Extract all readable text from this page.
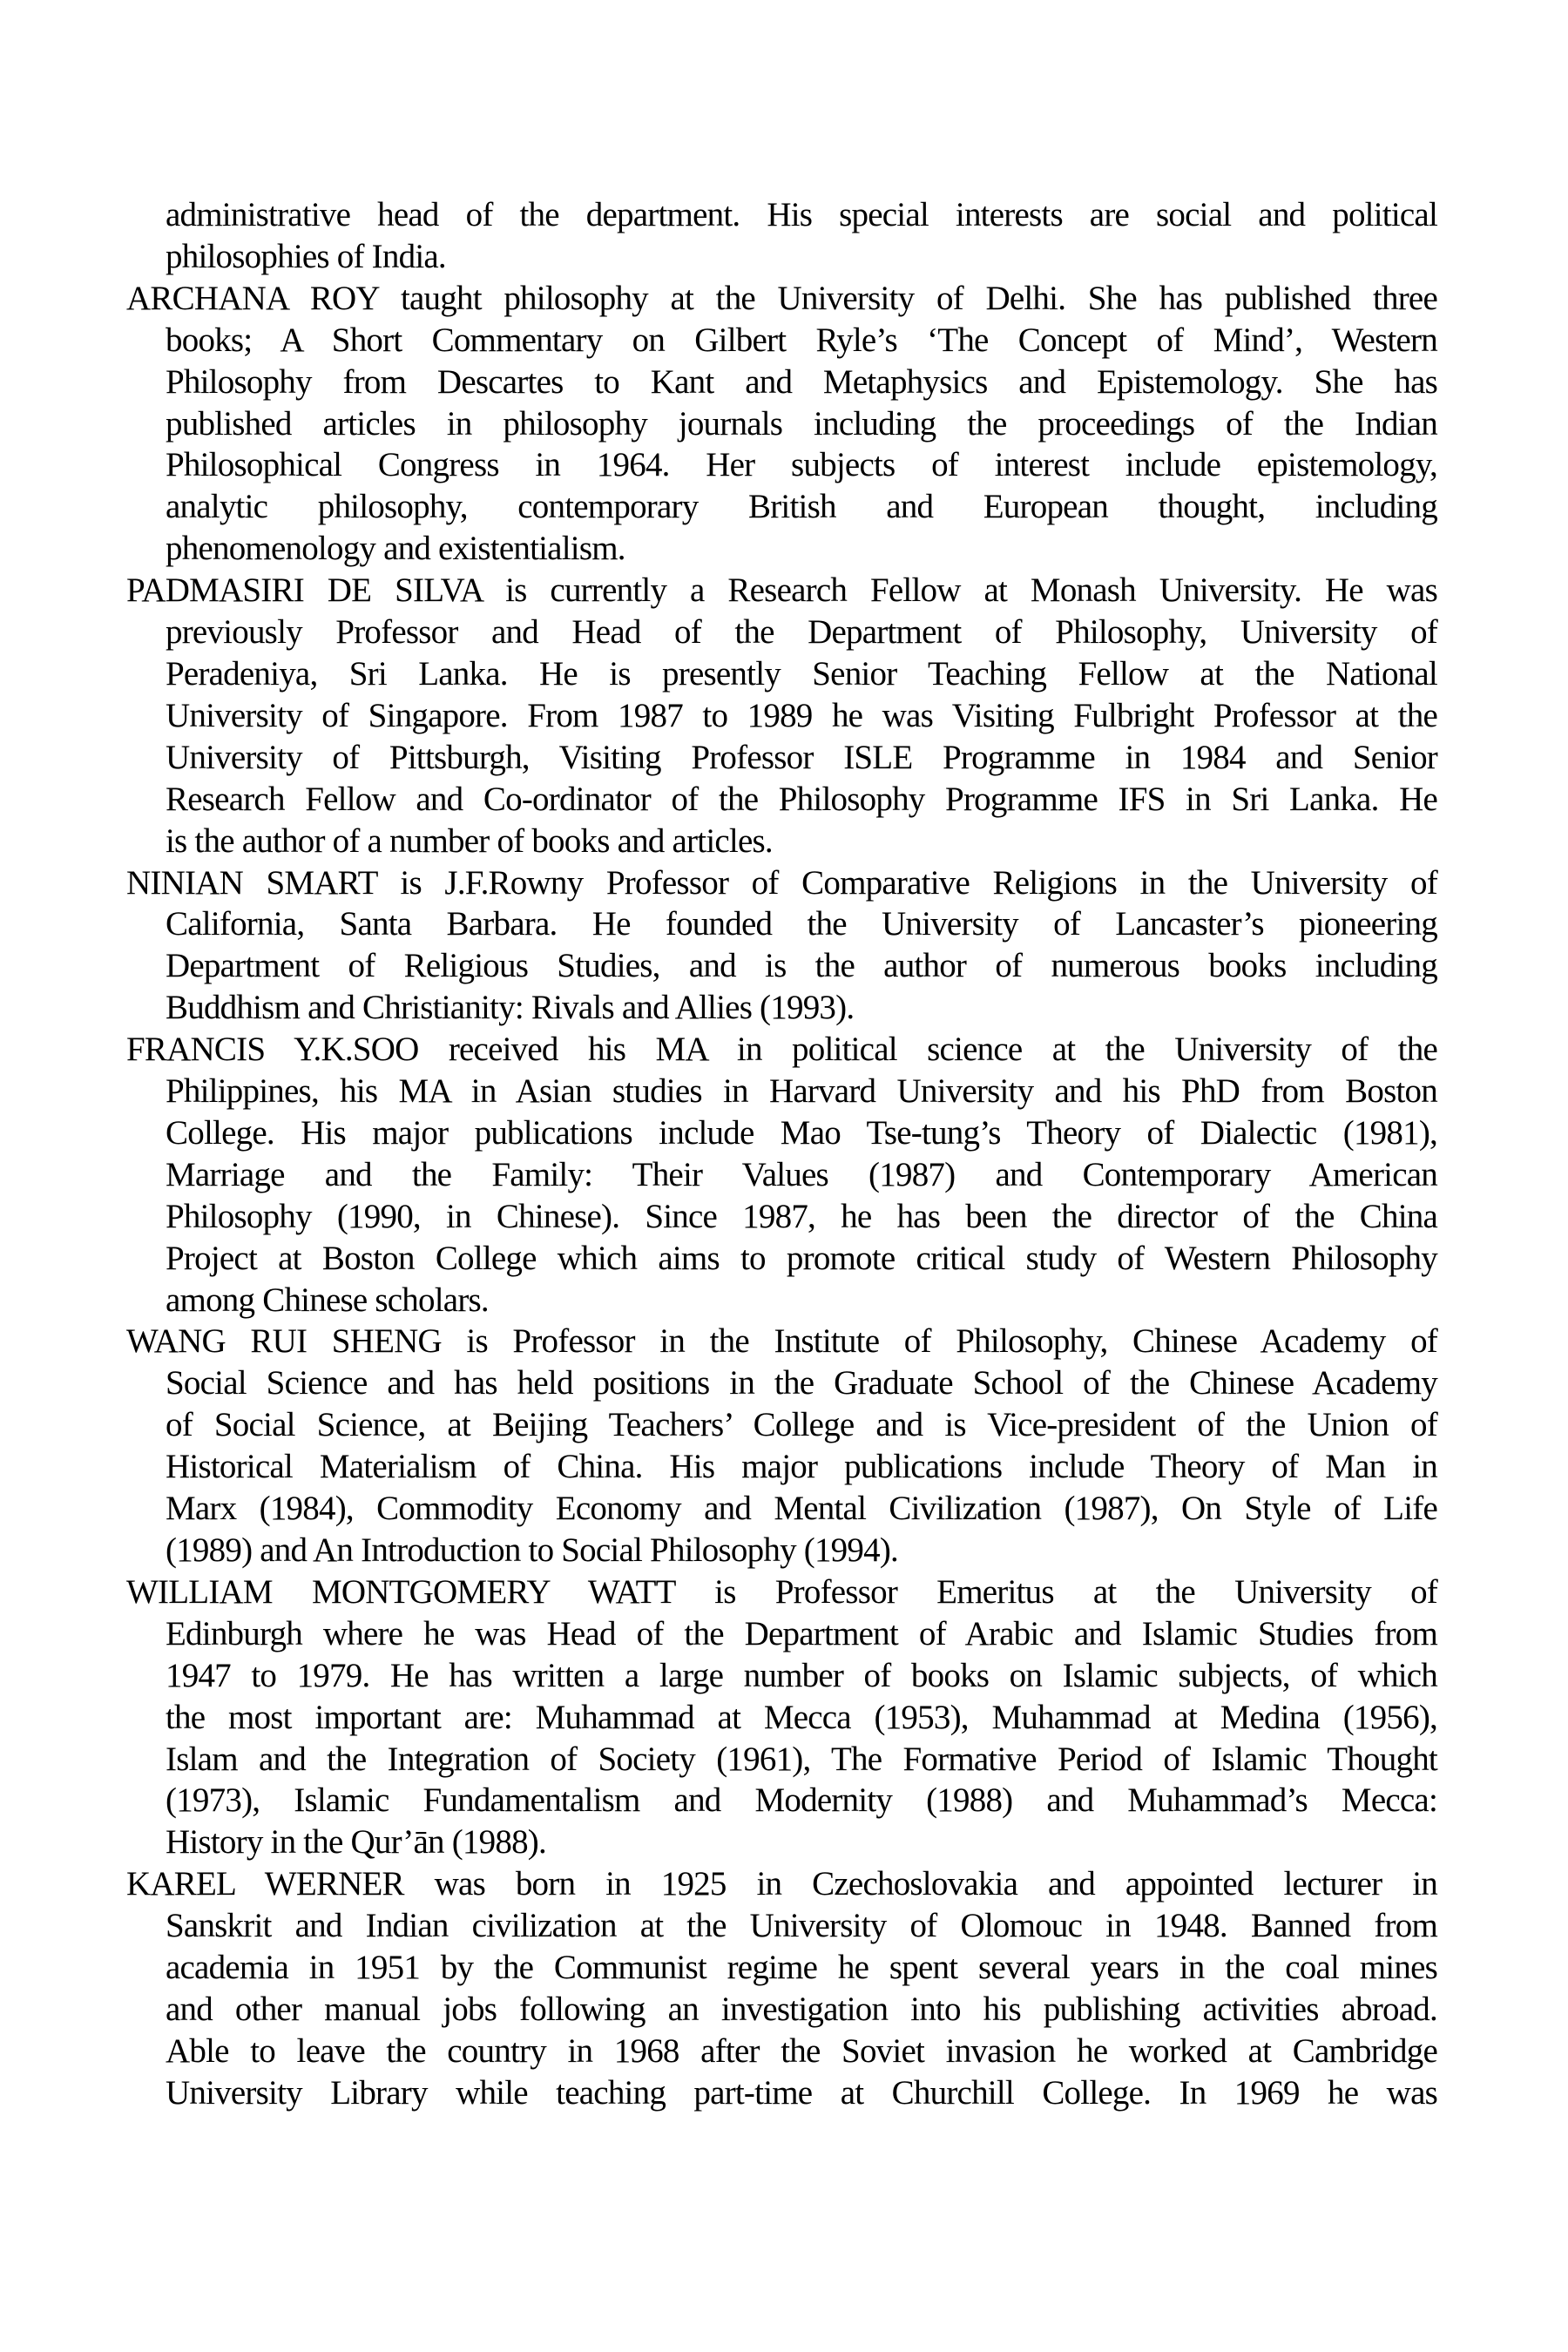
administrative head of the department. His special interests are social and political
philosophies of India.
ARCHANA ROY taught philosophy at the University of Delhi. She has published three
books; A Short Commentary on Gilbert Ryle’s ‘The Concept of Mind’, Western
Philosophy from Descartes to Kant and Metaphysics and Epistemology. She has
published articles in philosophy journals including the proceedings of the Indian
Philosophical Congress in 1964. Her subjects of interest include epistemology,
analytic philosophy, contemporary British and European thought, including
phenomenology and existentialism.
PADMASIRI DE SILVA is currently a Research Fellow at Monash University. He was
previously Professor and Head of the Department of Philosophy, University of
Peradeniya, Sri Lanka. He is presently Senior Teaching Fellow at the National
University of Singapore. From 1987 to 1989 he was Visiting Fulbright Professor at the
University of Pittsburgh, Visiting Professor ISLE Programme in 1984 and Senior
Research Fellow and Co-ordinator of the Philosophy Programme IFS in Sri Lanka. He
is the author of a number of books and articles.
NINIAN SMART is J.F.Rowny Professor of Comparative Religions in the University of
California, Santa Barbara. He founded the University of Lancaster’s pioneering
Department of Religious Studies, and is the author of numerous books including
Buddhism and Christianity: Rivals and Allies (1993).
FRANCIS Y.K.SOO received his MA in political science at the University of the
Philippines, his MA in Asian studies in Harvard University and his PhD from Boston
College. His major publications include Mao Tse-tung’s Theory of Dialectic (1981),
Marriage and the Family: Their Values (1987) and Contemporary American
Philosophy (1990, in Chinese). Since 1987, he has been the director of the China
Project at Boston College which aims to promote critical study of Western Philosophy
among Chinese scholars.
WANG RUI SHENG is Professor in the Institute of Philosophy, Chinese Academy of
Social Science and has held positions in the Graduate School of the Chinese Academy
of Social Science, at Beijing Teachers’ College and is Vice-president of the Union of
Historical Materialism of China. His major publications include Theory of Man in
Marx (1984), Commodity Economy and Mental Civilization (1987), On Style of Life
(1989) and An Introduction to Social Philosophy (1994).
WILLIAM MONTGOMERY WATT is Professor Emeritus at the University of
Edinburgh where he was Head of the Department of Arabic and Islamic Studies from
1947 to 1979. He has written a large number of books on Islamic subjects, of which
the most important are: Muhammad at Mecca (1953), Muhammad at Medina (1956),
Islam and the Integration of Society (1961), The Formative Period of Islamic Thought
(1973), Islamic Fundamentalism and Modernity (1988) and Muhammad’s Mecca:
History in the Qur’ān (1988).
KAREL WERNER was born in 1925 in Czechoslovakia and appointed lecturer in
Sanskrit and Indian civilization at the University of Olomouc in 1948. Banned from
academia in 1951 by the Communist regime he spent several years in the coal mines
and other manual jobs following an investigation into his publishing activities abroad.
Able to leave the country in 1968 after the Soviet invasion he worked at Cambridge
University Library while teaching part-time at Churchill College. In 1969 he was
